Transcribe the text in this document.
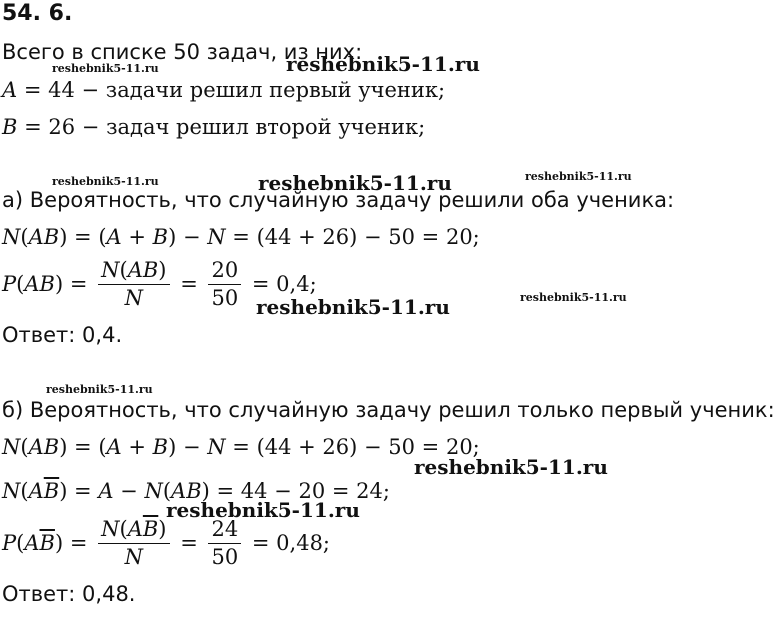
54. 6.
Всего в списке 50 задач, из них:
A = 44 − задачи решил первый ученик;
B = 26 − задач решил второй ученик;
а) Вероятность, что случайную задачу решили оба ученика:
N(AB) = (A + B) − N = (44 + 26) − 50 = 20;
$P(AB) = \frac{N(AB)}{N} = \frac{20}{50} = 0,4$;
Ответ: 0,4.
б) Вероятность, что случайную задачу решил только первый ученик:
N(AB) = (A + B) − N = (44 + 26) − 50 = 20;
$N(A\overline{B}) = A - N(AB) = 44 - 20 = 24$;
$P(A\overline{B}) = \frac{N(A\overline{B})}{N} = \frac{24}{50} = 0,48$;
Ответ: 0,48.
reshebnik5-11.ru	reshebnik5-11.ru
reshebnik5-11.ru	reshebnik5-11.ru	reshebnik5-11.ru
reshebnik5-11.ru	reshebnik5-11.ru
reshebnik5-11.ru
reshebnik5-11.ru
reshebnik5-11.ru
